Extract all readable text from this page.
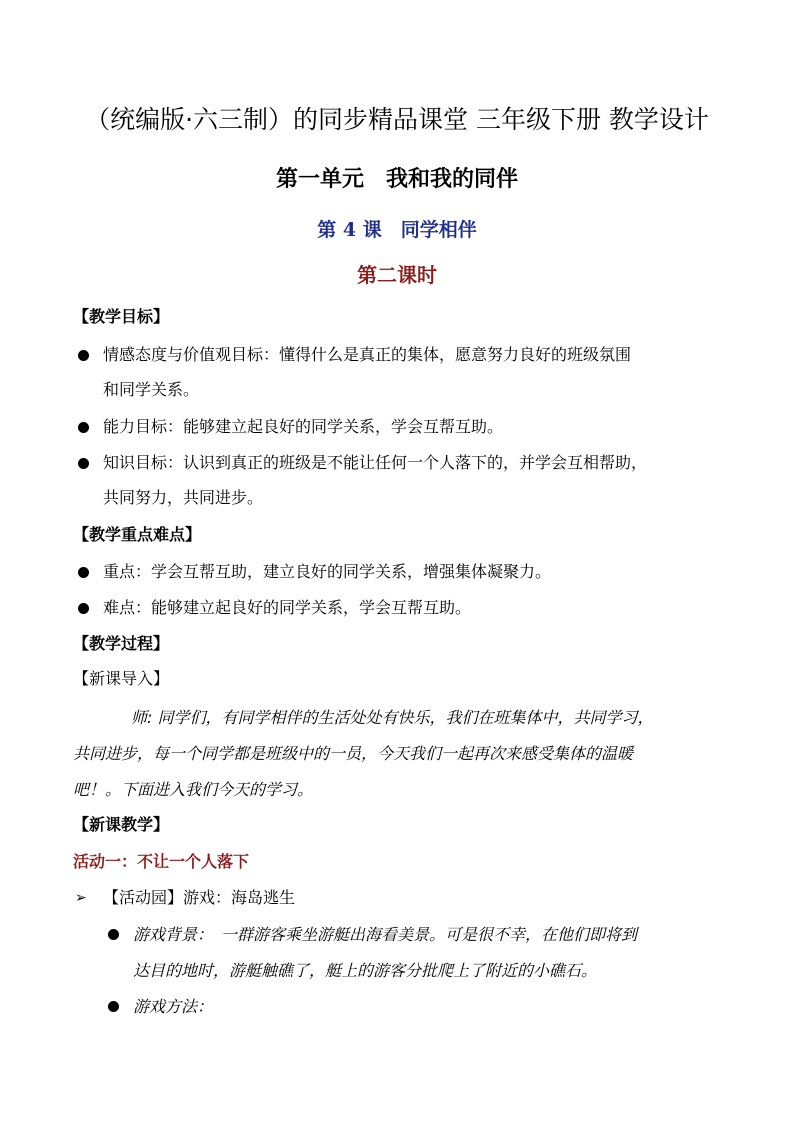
（统编版·六三制）的同步精品课堂 三年级下册 教学设计
第一单元　我和我的同伴
第 4 课　同学相伴
第二课时
【教学目标】
情感态度与价值观目标：懂得什么是真正的集体，愿意努力良好的班级氛围
和同学关系。
能力目标：能够建立起良好的同学关系，学会互帮互助。
知识目标：认识到真正的班级是不能让任何一个人落下的，并学会互相帮助，
共同努力，共同进步。
【教学重点难点】
重点：学会互帮互助，建立良好的同学关系，增强集体凝聚力。
难点：能够建立起良好的同学关系，学会互帮互助。
【教学过程】
【新课导入】
师: 同学们，有同学相伴的生活处处有快乐，我们在班集体中，共同学习，
共同进步，每一个同学都是班级中的一员，今天我们一起再次来感受集体的温暖
吧！。下面进入我们今天的学习。
【新课教学】
活动一：不让一个人落下
➢ 【活动园】游戏：海岛逃生
游戏背景：　一群游客乘坐游艇出海看美景。可是很不幸，在他们即将到
达目的地时，游艇触礁了，艇上的游客分批爬上了附近的小礁石。
游戏方法：
